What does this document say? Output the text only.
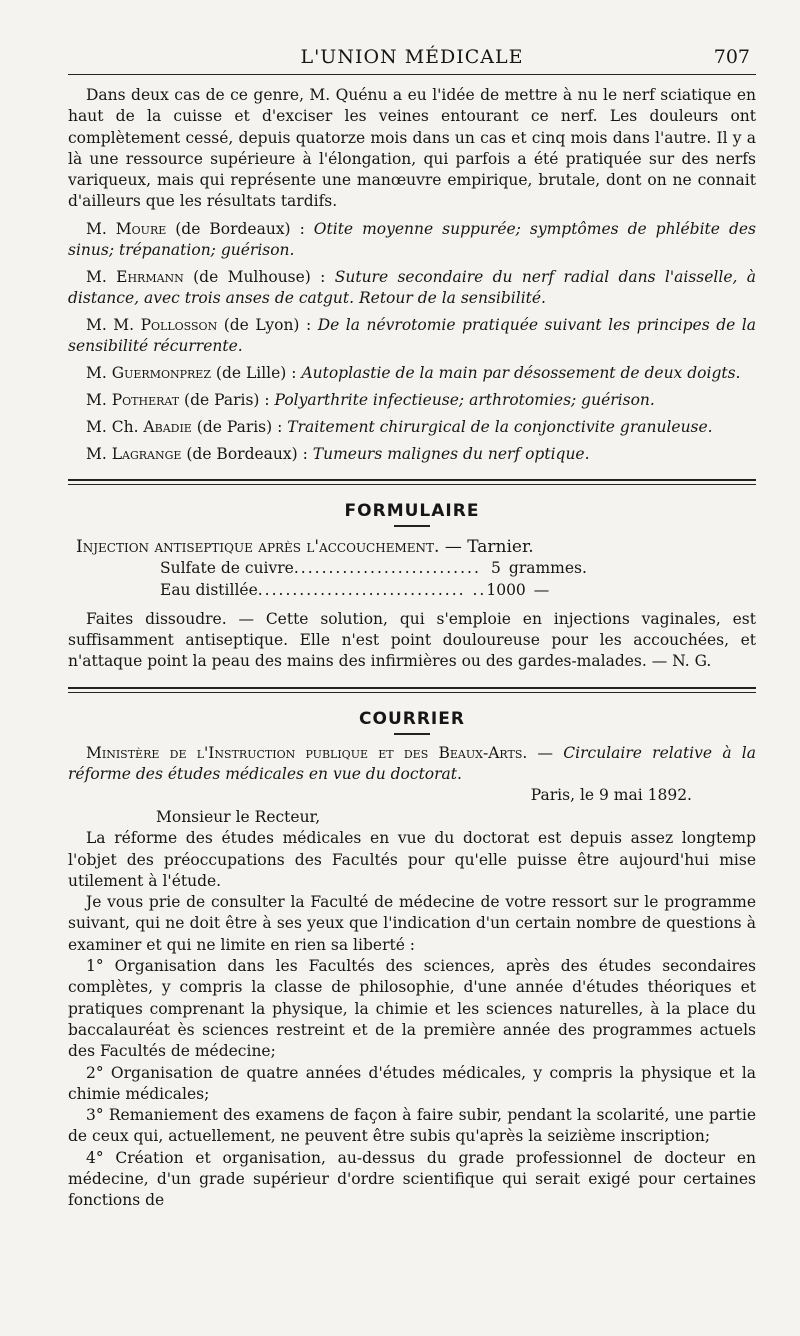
L'UNION MÉDICALE	707

Dans deux cas de ce genre, M. Quénu a eu l'idée de mettre à nu le nerf sciatique en haut de la cuisse et d'exciser les veines entourant ce nerf. Les douleurs ont complètement cessé, depuis quatorze mois dans un cas et cinq mois dans l'autre. Il y a là une ressource supérieure à l'élongation, qui parfois a été pratiquée sur des nerfs variqueux, mais qui représente une manœuvre empirique, brutale, dont on ne connait d'ailleurs que les résultats tardifs.

M. Moure (de Bordeaux) : Otite moyenne suppurée; symptômes de phlébite des sinus; trépanation; guérison.

M. Ehrmann (de Mulhouse) : Suture secondaire du nerf radial dans l'aisselle, à distance, avec trois anses de catgut. Retour de la sensibilité.

M. M. Pollosson (de Lyon) : De la névrotomie pratiquée suivant les principes de la sensibilité récurrente.

M. Guermonprez (de Lille) : Autoplastie de la main par désossement de deux doigts.

M. Potherat (de Paris) : Polyarthrite infectieuse; arthrotomies; guérison.

M. Ch. Abadie (de Paris) : Traitement chirurgical de la conjonctivite granuleuse.

M. Lagrange (de Bordeaux) : Tumeurs malignes du nerf optique.

FORMULAIRE

Injection antiseptique après l'accouchement. — Tarnier.

Sulfate de cuivre ........................... 5 grammes.
Eau distillée .............................. .. 1000 —

Faites dissoudre. — Cette solution, qui s'emploie en injections vaginales, est suffisamment antiseptique. Elle n'est point douloureuse pour les accouchées, et n'attaque point la peau des mains des infirmières ou des gardes-malades. — N. G.

COURRIER

Ministère de l'Instruction publique et des Beaux-Arts. — Circulaire relative à la réforme des études médicales en vue du doctorat.

Paris, le 9 mai 1892.

Monsieur le Recteur,

La réforme des études médicales en vue du doctorat est depuis assez longtemp l'objet des préoccupations des Facultés pour qu'elle puisse être aujourd'hui mise utilement à l'étude.

Je vous prie de consulter la Faculté de médecine de votre ressort sur le programme suivant, qui ne doit être à ses yeux que l'indication d'un certain nombre de questions à examiner et qui ne limite en rien sa liberté :

1° Organisation dans les Facultés des sciences, après des études secondaires complètes, y compris la classe de philosophie, d'une année d'études théoriques et pratiques comprenant la physique, la chimie et les sciences naturelles, à la place du baccalauréat ès sciences restreint et de la première année des programmes actuels des Facultés de médecine;

2° Organisation de quatre années d'études médicales, y compris la physique et la chimie médicales;

3° Remaniement des examens de façon à faire subir, pendant la scolarité, une partie de ceux qui, actuellement, ne peuvent être subis qu'après la seizième inscription;

4° Création et organisation, au-dessus du grade professionnel de docteur en médecine, d'un grade supérieur d'ordre scientifique qui serait exigé pour certaines fonctions de
